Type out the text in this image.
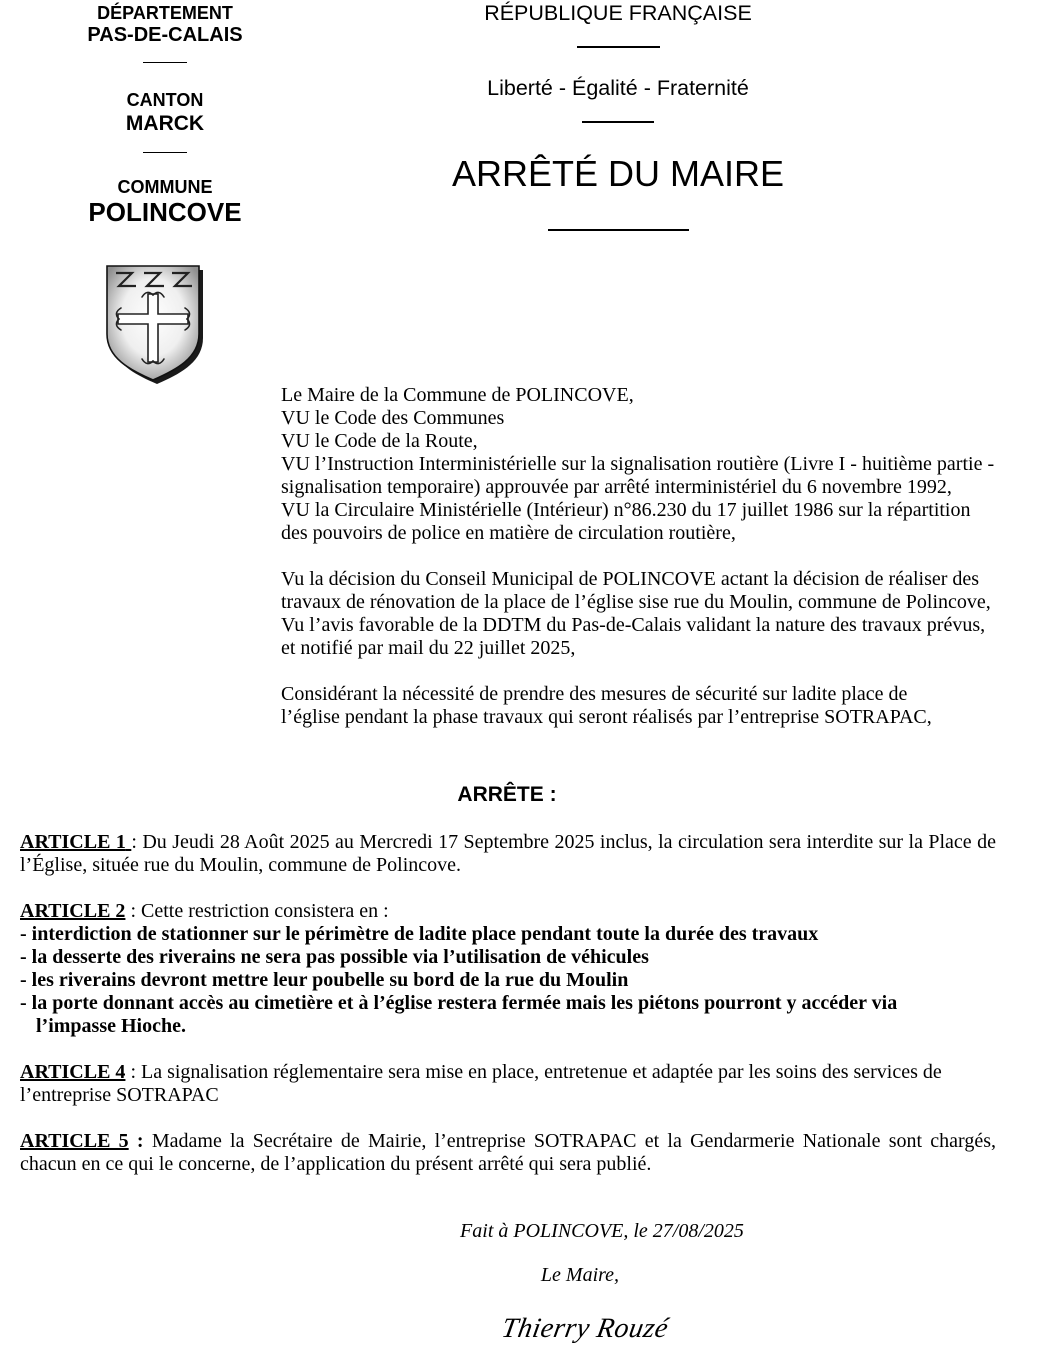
DÉPARTEMENT
PAS-DE-CALAIS
CANTON
MARCK
COMMUNE
POLINCOVE
RÉPUBLIQUE FRANÇAISE
Liberté - Égalité - Fraternité
ARRÊTÉ DU MAIRE
Le Maire de la Commune de POLINCOVE,
VU le Code des Communes
VU le Code de la Route,
VU l’Instruction Interministérielle sur la signalisation routière (Livre I - huitième partie -
signalisation temporaire) approuvée par arrêté interministériel du 6 novembre 1992,
VU la Circulaire Ministérielle (Intérieur) n°86.230 du 17 juillet 1986 sur la répartition
des pouvoirs de police en matière de circulation routière,
Vu la décision du Conseil Municipal de POLINCOVE actant la décision de réaliser des
travaux de rénovation de la place de l’église sise rue du Moulin, commune de Polincove,
Vu l’avis favorable de la DDTM du Pas-de-Calais validant la nature des travaux prévus,
et notifié par mail du 22 juillet 2025,
Considérant la nécessité de prendre des mesures de sécurité sur ladite place de
l’église pendant la phase travaux qui seront réalisés par l’entreprise SOTRAPAC,
ARRÊTE :
ARTICLE 1 : Du Jeudi 28 Août 2025 au Mercredi 17 Septembre 2025 inclus, la circulation sera interdite sur la Place de
l’Église, située rue du Moulin, commune de Polincove.
ARTICLE 2 : Cette restriction consistera en :
- interdiction de stationner sur le périmètre de ladite place pendant toute la durée des travaux
- la desserte des riverains ne sera pas possible via l’utilisation de véhicules
- les riverains devront mettre leur poubelle su bord de la rue du Moulin
- la porte donnant accès au cimetière et à l’église restera fermée mais les piétons pourront y accéder via
l’impasse Hioche.
ARTICLE 4 : La signalisation réglementaire sera mise en place, entretenue et adaptée par les soins des services de
l’entreprise SOTRAPAC
ARTICLE 5 : Madame la Secrétaire de Mairie, l’entreprise SOTRAPAC et la Gendarmerie Nationale sont chargés,
chacun en ce qui le concerne, de l’application du présent arrêté qui sera publié.
Fait à POLINCOVE, le 27/08/2025
Le Maire,
Thierry Rouzé
